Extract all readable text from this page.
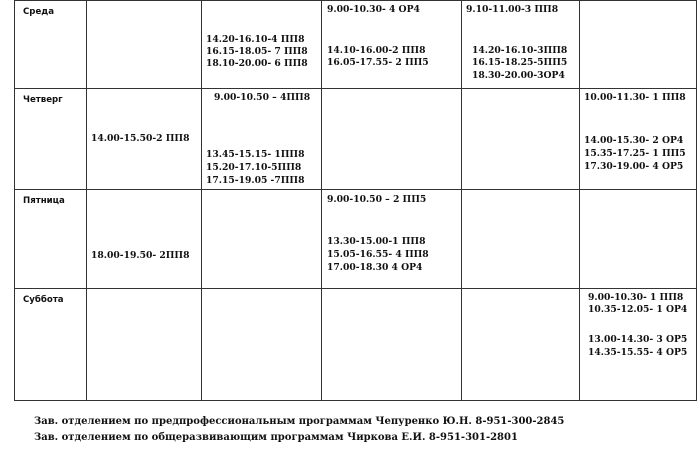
Среда		14.20-16.10-4 ПП8
16.15-18.05- 7 ПП8
18.10-20.00- 6 ПП8	9.00-10.30- 4 ОР4
14.10-16.00-2 ПП8
16.05-17.55- 2 ПП5	9.10-11.00-3 ПП8
14.20-16.10-3ПП8
16.15-18.25-5ПП5
18.30-20.00-3ОР4	

Четверг	14.00-15.50-2 ПП8	9.00-10.50 – 4ПП8
13.45-15.15- 1ПП8
15.20-17.10-5ПП8
17.15-19.05 -7ПП8			10.00-11.30- 1 ПП8
14.00-15.30- 2 ОР4
15.35-17.25- 1 ПП5
17.30-19.00- 4 ОР5

Пятница	18.00-19.50- 2ПП8		9.00-10.50 – 2 ПП5
13.30-15.00-1 ПП8
15.05-16.55- 4 ПП8
17.00-18.30 4 ОР4		

Суббота					9.00-10.30- 1 ПП8
10.35-12.05- 1 ОР4
13.00-14.30- 3 ОР5
14.35-15.55- 4 ОР5
Зав. отделением по предпрофессиональным программам Чепуренко Ю.Н. 8-951-300-2845
Зав. отделением по общеразвивающим программам Чиркова Е.И. 8-951-301-2801
